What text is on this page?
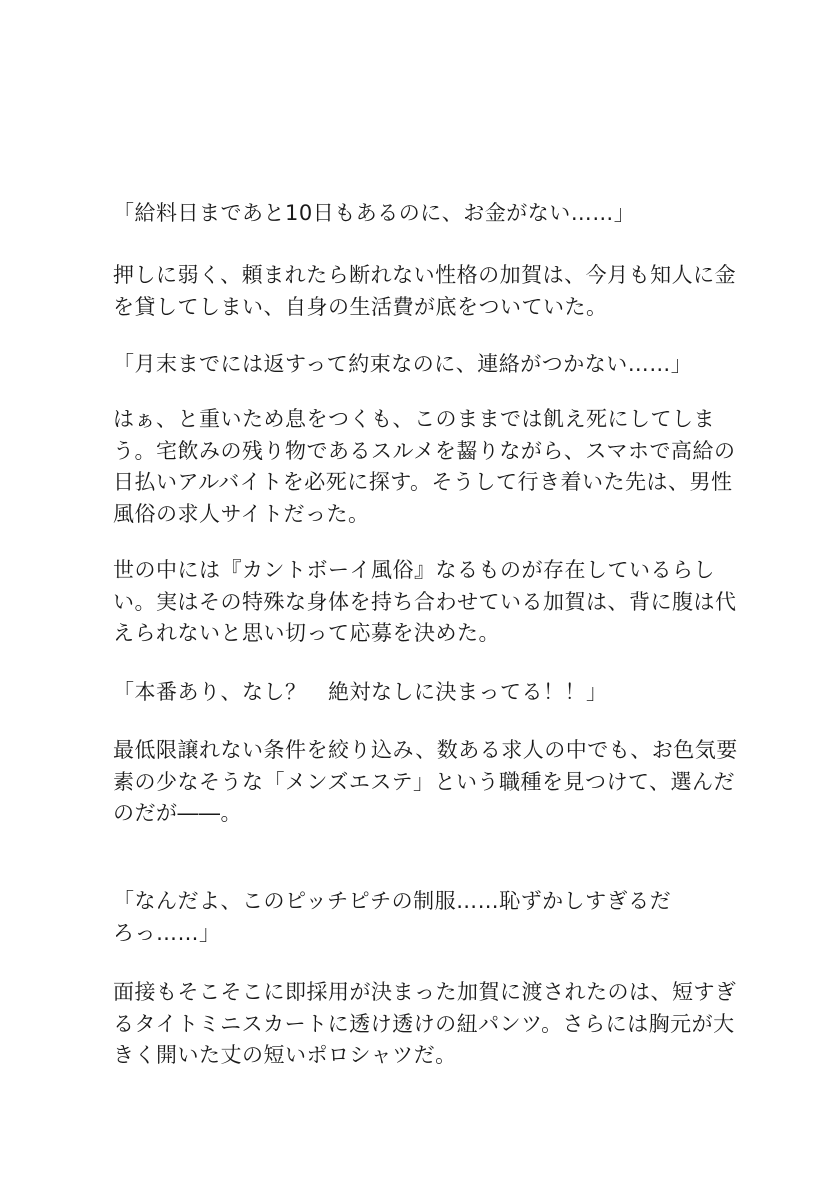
「給料日まであと10日もあるのに、お金がない……」
押しに弱く、頼まれたら断れない性格の加賀は、今月も知人に金
を貸してしまい、自身の生活費が底をついていた。
「月末までには返すって約束なのに、連絡がつかない……」
はぁ、と重いため息をつくも、このままでは飢え死にしてしま
う。宅飲みの残り物であるスルメを齧りながら、スマホで高給の
日払いアルバイトを必死に探す。そうして行き着いた先は、男性
風俗の求人サイトだった。
世の中には『カントボーイ風俗』なるものが存在しているらし
い。実はその特殊な身体を持ち合わせている加賀は、背に腹は代
えられないと思い切って応募を決めた。
「本番あり、なし？　絶対なしに決まってる！！」
最低限譲れない条件を絞り込み、数ある求人の中でも、お色気要
素の少なそうな「メンズエステ」という職種を見つけて、選んだ
のだが――。
「なんだよ、このピッチピチの制服……恥ずかしすぎるだ
ろっ……」
面接もそこそこに即採用が決まった加賀に渡されたのは、短すぎ
るタイトミニスカートに透け透けの紐パンツ。さらには胸元が大
きく開いた丈の短いポロシャツだ。
